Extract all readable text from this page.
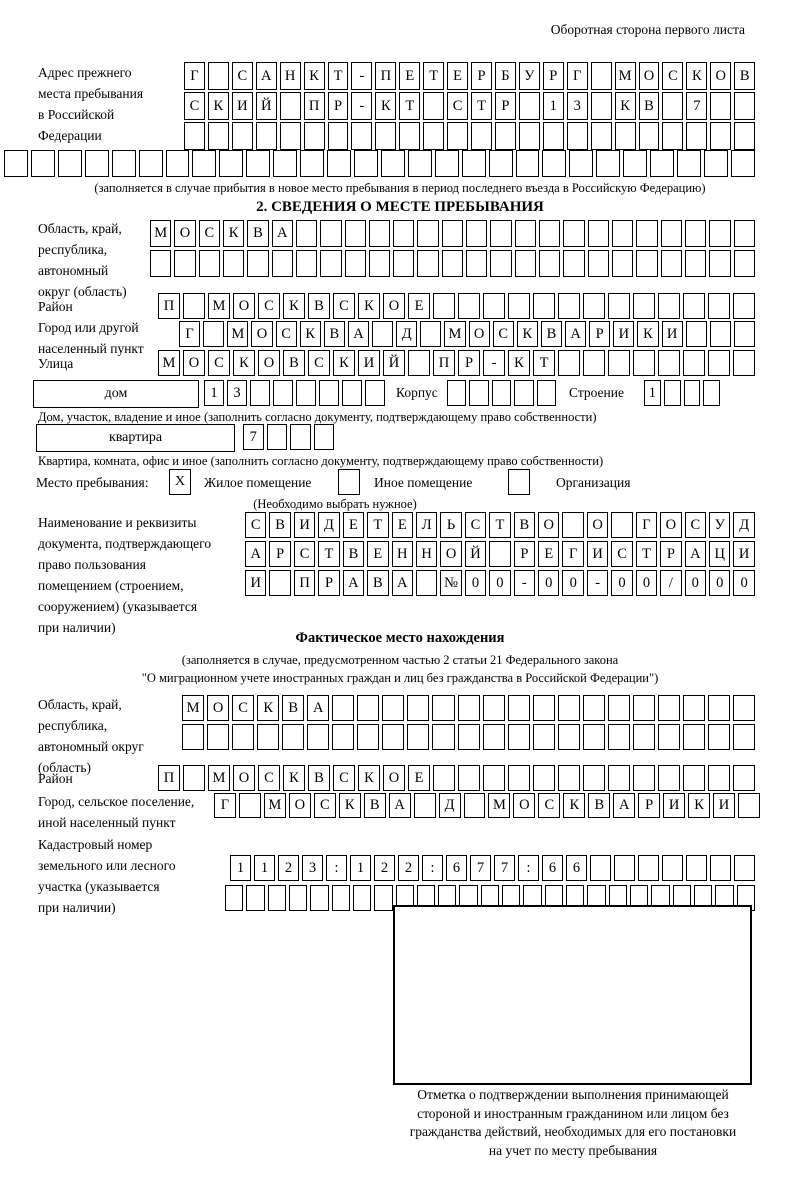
Оборотная сторона первого листа
Адрес прежнего
места пребывания
в Российской
Федерации
Г	С А Н К	Т	-	П Е	Т	Е	Р	Б	У	Р	Г	М О С К О В
С К И Й	П	Р	-	К	Т	С	Т	Р	1	3	К В	7
(заполняется в случае прибытия в новое место пребывания в период последнего въезда в Российскую Федерацию)
2. СВЕДЕНИЯ О МЕСТЕ ПРЕБЫВАНИЯ
Область, край,
республика,
автономный
округ (область)
М О С	К	В А
Район	П	М О	С	К	В	С	К	О	Е
Город или другой
населенный пункт
Г	М О С К В А	Д	М О С К В А	Р	И К И
Улица	М О	С	К	О	В	С	К	И	Й	П	Р	-	К	Т
дом	1	3	Корпус	Строение	1
Дом, участок, владение и иное (заполнить согласно документу, подтверждающему право собственности)
квартира	7
Квартира, комната, офис и иное (заполнить согласно документу, подтверждающему право собственности)
Место пребывания:	X	Жилое помещение	Иное помещение	Организация
(Необходимо выбрать нужное)
Наименование и реквизиты
документа, подтверждающего
право пользования
помещением (строением,
сооружением) (указывается
при наличии)
С	В И Д	Е	Т	Е	Л	Ь	С	Т	В О	О	Г	О С У Д
А	Р	С	Т	В	Е	Н Н О Й	Р	Е	Г	И С	Т	Р	А Ц И
И	П	Р	А В А	№ 0	0	-	0	0	-	0	0	/	0	0	0
Фактическое место нахождения
(заполняется в случае, предусмотренном частью 2 статьи 21 Федерального закона
"О миграционном учете иностранных граждан и лиц без гражданства в Российской Федерации")
Область, край,
республика,
автономный округ
(область)
М О	С	К	В	А
Район	П	М О	С	К	В	С	К	О	Е
Город, сельское поселение,
иной населенный пункт
Г	М О	С	К	В	А	Д	М О	С	К	В	А	Р	И	К	И
Кадастровый номер
земельного или лесного
участка (указывается
при наличии)
1	1	2	3	:	1	2	2	:	6	7	7	:	6	6
Отметка о подтверждении выполнения принимающей
стороной и иностранным гражданином или лицом без
гражданства действий, необходимых для его постановки
на учет по месту пребывания
